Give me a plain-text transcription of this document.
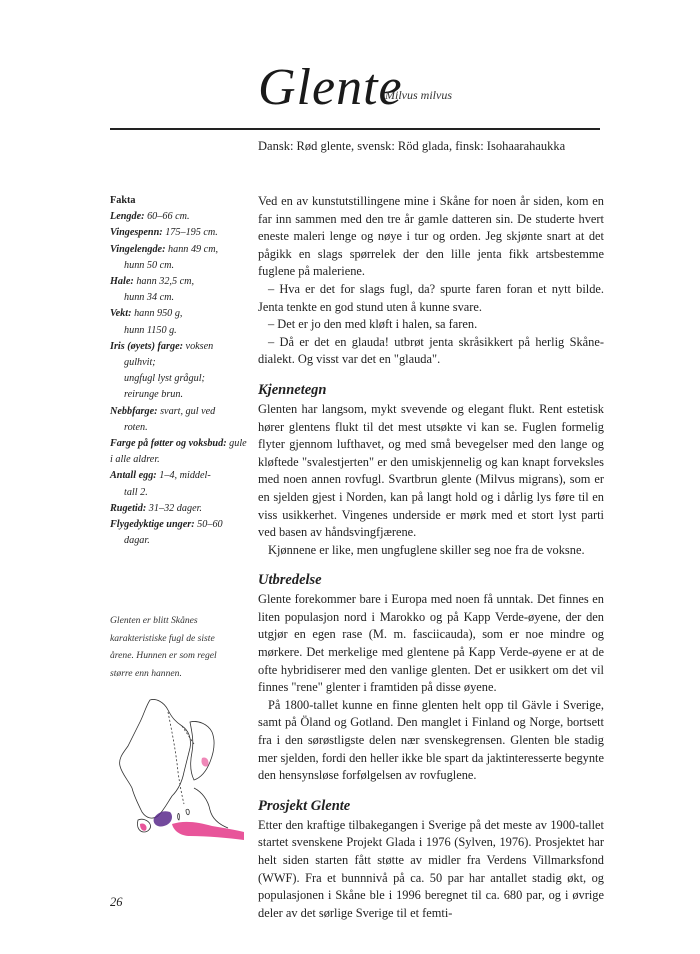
Glente
Milvus milvus
Dansk: Rød glente, svensk: Röd glada, finsk: Isohaarahaukka
Fakta
Lengde: 60–66 cm.
Vingespenn: 175–195 cm.
Vingelengde: hann 49 cm,
hunn 50 cm.
Hale: hann 32,5 cm,
hunn 34 cm.
Vekt: hann 950 g,
hunn 1150 g.
Iris (øyets) farge: voksen
gulhvit;
ungfugl lyst grågul;
reirunge brun.
Nebbfarge: svart, gul ved
roten.
Farge på føtter og voksbud: gule i alle aldrer.
Antall egg: 1–4, middel-
tall 2.
Rugetid: 31–32 dager.
Flygedyktige unger: 50–60
dagar.
Glenten er blitt Skånes karakteristiske fugl de siste årene. Hunnen er som regel større enn hannen.

Ved en av kunstutstillingene mine i Skåne for noen år siden, kom en far inn sammen med den tre år gamle datteren sin. De studerte hvert eneste maleri lenge og nøye i tur og orden. Jeg skjønte snart at det pågikk en slags spørrelek der den lille jenta fikk artsbestemme fuglene på maleriene.

– Hva er det for slags fugl, da? spurte faren foran et nytt bilde. Jenta tenkte en god stund uten å kunne svare.

– Det er jo den med kløft i halen, sa faren.

– Då er det en glauda! utbrøt jenta skråsikkert på herlig Skåne-dialekt. Og visst var det en "glauda".

Kjennetegn

Glenten har langsom, mykt svevende og elegant flukt. Rent estetisk hører glentens flukt til det mest utsøkte vi kan se. Fuglen formelig flyter gjennom lufthavet, og med små bevegelser med den lange og kløftede "svalestjerten" er den umiskjennelig og kan knapt forveksles med noen annen rovfugl. Svartbrun glente (Milvus migrans), som er en sjelden gjest i Norden, kan på langt hold og i dårlig lys føre til en viss usikkerhet. Vingenes underside er mørk med et stort lyst parti ved basen av håndsvingfjærene.

Kjønnene er like, men ungfuglene skiller seg noe fra de voksne.

Utbredelse

Glente forekommer bare i Europa med noen få unntak. Det finnes en liten populasjon nord i Marokko og på Kapp Verde-øyene, der den utgjør en egen rase (M. m. fasciicauda), som er noe mindre og mørkere. Det merkelige med glentene på Kapp Verde-øyene er at de ofte hybridiserer med den vanlige glenten. Det er usikkert om det vil finnes "rene" glenter i framtiden på disse øyene.

På 1800-tallet kunne en finne glenten helt opp til Gävle i Sverige, samt på Öland og Gotland. Den manglet i Finland og Norge, bortsett fra i den sørøstligste delen nær svenskegrensen. Glenten ble stadig mer sjelden, fordi den heller ikke ble spart da jaktinteresserte begynte den hensynsløse forfølgelsen av rovfuglene.

Prosjekt Glente

Etter den kraftige tilbakegangen i Sverige på det meste av 1900-tallet startet svenskene Projekt Glada i 1976 (Sylven, 1976). Prosjektet har helt siden starten fått støtte av midler fra Verdens Villmarksfond (WWF). Fra et bunnnivå på ca. 50 par har antallet stadig økt, og populasjonen i Skåne ble i 1996 beregnet til ca. 680 par, og i øvrige deler av det sørlige Sverige til et femti-

26
